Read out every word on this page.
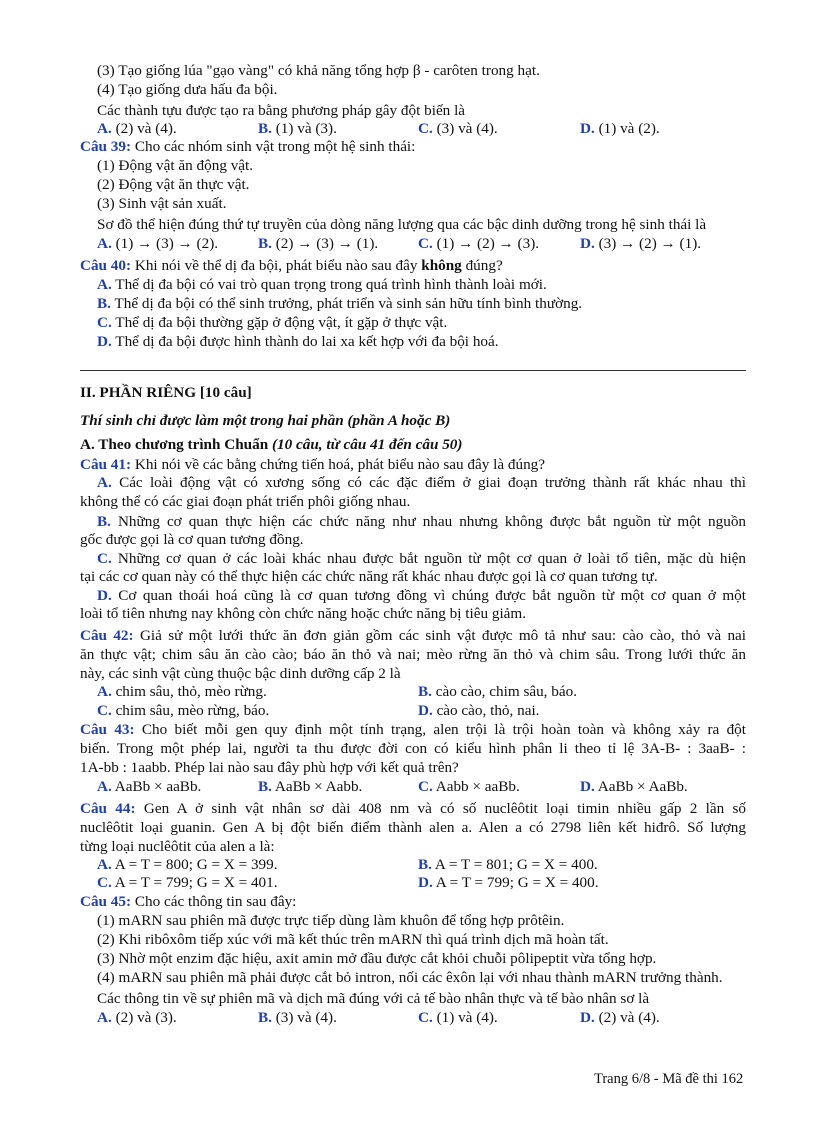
(3) Tạo giống lúa "gạo vàng" có khả năng tổng hợp β - carôten trong hạt.
(4) Tạo giống dưa hấu đa bội.
Các thành tựu được tạo ra bằng phương pháp gây đột biến là
A. (2) và (4).	B. (1) và (3).	C. (3) và (4).	D. (1) và (2).
Câu 39: Cho các nhóm sinh vật trong một hệ sinh thái:
(1) Động vật ăn động vật.
(2) Động vật ăn thực vật.
(3) Sinh vật sản xuất.
Sơ đồ thể hiện đúng thứ tự truyền của dòng năng lượng qua các bậc dinh dưỡng trong hệ sinh thái là
A. (1) → (3) → (2).	B. (2) → (3) → (1).	C. (1) → (2) → (3).	D. (3) → (2) → (1).
Câu 40: Khi nói về thể dị đa bội, phát biểu nào sau đây không đúng?
A. Thể dị đa bội có vai trò quan trọng trong quá trình hình thành loài mới.
B. Thể dị đa bội có thể sinh trưởng, phát triển và sinh sản hữu tính bình thường.
C. Thể dị đa bội thường gặp ở động vật, ít gặp ở thực vật.
D. Thể dị đa bội được hình thành do lai xa kết hợp với đa bội hoá.
II. PHẦN RIÊNG [10 câu]
Thí sinh chỉ được làm một trong hai phần (phần A hoặc B)
A. Theo chương trình Chuẩn (10 câu, từ câu 41 đến câu 50)
Câu 41: Khi nói về các bằng chứng tiến hoá, phát biểu nào sau đây là đúng?
A. Các loài động vật có xương sống có các đặc điểm ở giai đoạn trưởng thành rất khác nhau thì
không thể có các giai đoạn phát triển phôi giống nhau.
B. Những cơ quan thực hiện các chức năng như nhau nhưng không được bắt nguồn từ một nguồn
gốc được gọi là cơ quan tương đồng.
C. Những cơ quan ở các loài khác nhau được bắt nguồn từ một cơ quan ở loài tổ tiên, mặc dù hiện
tại các cơ quan này có thể thực hiện các chức năng rất khác nhau được gọi là cơ quan tương tự.
D. Cơ quan thoái hoá cũng là cơ quan tương đồng vì chúng được bắt nguồn từ một cơ quan ở một
loài tổ tiên nhưng nay không còn chức năng hoặc chức năng bị tiêu giảm.
Câu 42: Giả sử một lưới thức ăn đơn giản gồm các sinh vật được mô tả như sau: cào cào, thỏ và nai
ăn thực vật; chim sâu ăn cào cào; báo ăn thỏ và nai; mèo rừng ăn thỏ và chim sâu. Trong lưới thức ăn
này, các sinh vật cùng thuộc bậc dinh dưỡng cấp 2 là
A. chim sâu, thỏ, mèo rừng.	B. cào cào, chim sâu, báo.
C. chim sâu, mèo rừng, báo.	D. cào cào, thỏ, nai.
Câu 43: Cho biết mỗi gen quy định một tính trạng, alen trội là trội hoàn toàn và không xảy ra đột
biến. Trong một phép lai, người ta thu được đời con có kiểu hình phân li theo tỉ lệ 3A-B- : 3aaB- :
1A-bb : 1aabb. Phép lai nào sau đây phù hợp với kết quả trên?
A. AaBb × aaBb.	B. AaBb × Aabb.	C. Aabb × aaBb.	D. AaBb × AaBb.
Câu 44: Gen A ở sinh vật nhân sơ dài 408 nm và có số nuclêôtit loại timin nhiều gấp 2 lần số
nuclêôtit loại guanin. Gen A bị đột biến điểm thành alen a. Alen a có 2798 liên kết hiđrô. Số lượng
từng loại nuclêôtit của alen a là:
A. A = T = 800; G = X = 399.	B. A = T = 801; G = X = 400.
C. A = T = 799; G = X = 401.	D. A = T = 799; G = X = 400.
Câu 45: Cho các thông tin sau đây:
(1) mARN sau phiên mã được trực tiếp dùng làm khuôn để tổng hợp prôtêin.
(2) Khi ribôxôm tiếp xúc với mã kết thúc trên mARN thì quá trình dịch mã hoàn tất.
(3) Nhờ một enzim đặc hiệu, axit amin mở đầu được cắt khỏi chuỗi pôlipeptit vừa tổng hợp.
(4) mARN sau phiên mã phải được cắt bỏ intron, nối các êxôn lại với nhau thành mARN trưởng thành.
Các thông tin về sự phiên mã và dịch mã đúng với cả tế bào nhân thực và tế bào nhân sơ là
A. (2) và (3).	B. (3) và (4).	C. (1) và (4).	D. (2) và (4).
Trang 6/8 - Mã đề thi 162
